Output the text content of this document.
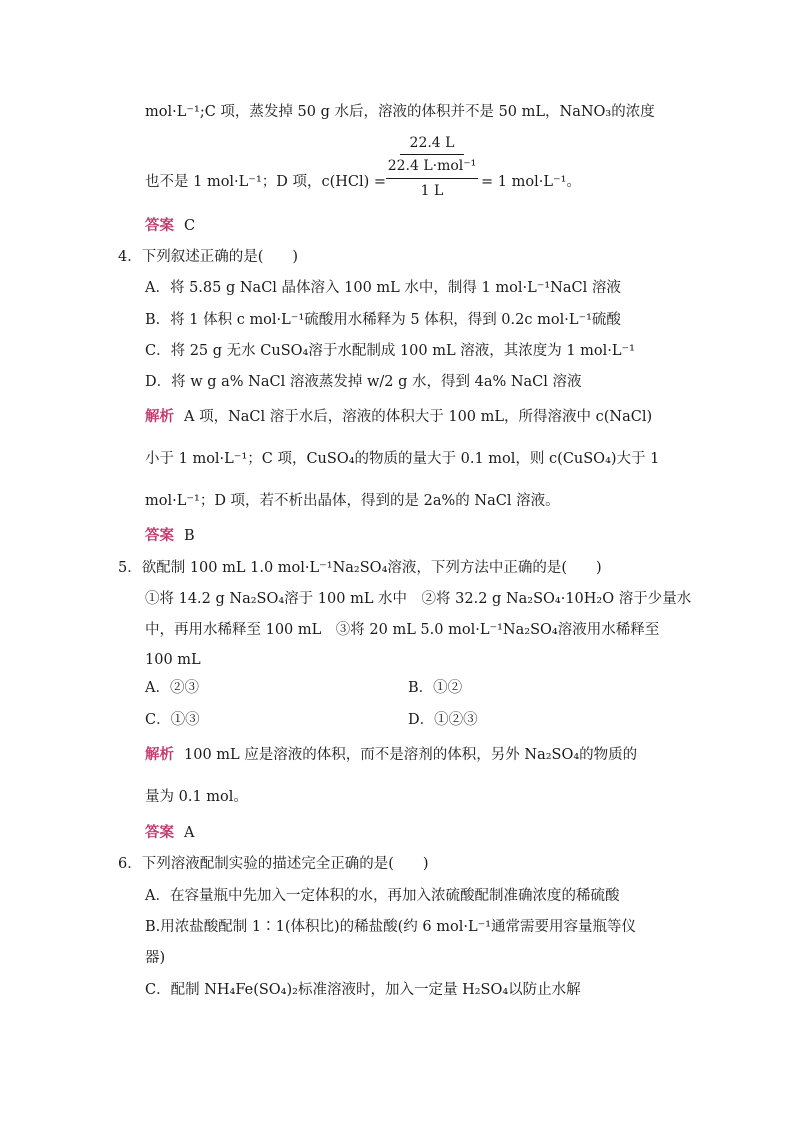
mol·L⁻¹;C 项，蒸发掉 50 g 水后，溶液的体积并不是 50 mL，NaNO₃的浓度
也不是 1 mol·L⁻¹；D 项，c(HCl) =
22.4 L
22.4 L·mol⁻¹
1 L
= 1 mol·L⁻¹。
答案 C
4．下列叙述正确的是(　　)
A．将 5.85 g NaCl 晶体溶入 100 mL 水中，制得 1 mol·L⁻¹NaCl 溶液
B．将 1 体积 c mol·L⁻¹硫酸用水稀释为 5 体积，得到 0.2c mol·L⁻¹硫酸
C．将 25 g 无水 CuSO₄溶于水配制成 100 mL 溶液，其浓度为 1 mol·L⁻¹
D．将 w g a% NaCl 溶液蒸发掉 w/2 g 水，得到 4a% NaCl 溶液
解析 A 项，NaCl 溶于水后，溶液的体积大于 100 mL，所得溶液中 c(NaCl)
小于 1 mol·L⁻¹；C 项，CuSO₄的物质的量大于 0.1 mol，则 c(CuSO₄)大于 1
mol·L⁻¹；D 项，若不析出晶体，得到的是 2a%的 NaCl 溶液。
答案 B
5．欲配制 100 mL 1.0 mol·L⁻¹Na₂SO₄溶液，下列方法中正确的是(　　)
①将 14.2 g Na₂SO₄溶于 100 mL 水中　②将 32.2 g Na₂SO₄·10H₂O 溶于少量水
中，再用水稀释至 100 mL　③将 20 mL 5.0 mol·L⁻¹Na₂SO₄溶液用水稀释至
100 mL
A．②③	B．①②
C．①③	D．①②③
解析 100 mL 应是溶液的体积，而不是溶剂的体积，另外 Na₂SO₄的物质的
量为 0.1 mol。
答案 A
6．下列溶液配制实验的描述完全正确的是(　　)
A．在容量瓶中先加入一定体积的水，再加入浓硫酸配制准确浓度的稀硫酸
B.用浓盐酸配制 1∶1(体积比)的稀盐酸(约 6 mol·L⁻¹通常需要用容量瓶等仪
器)
C．配制 NH₄Fe(SO₄)₂标准溶液时，加入一定量 H₂SO₄以防止水解
